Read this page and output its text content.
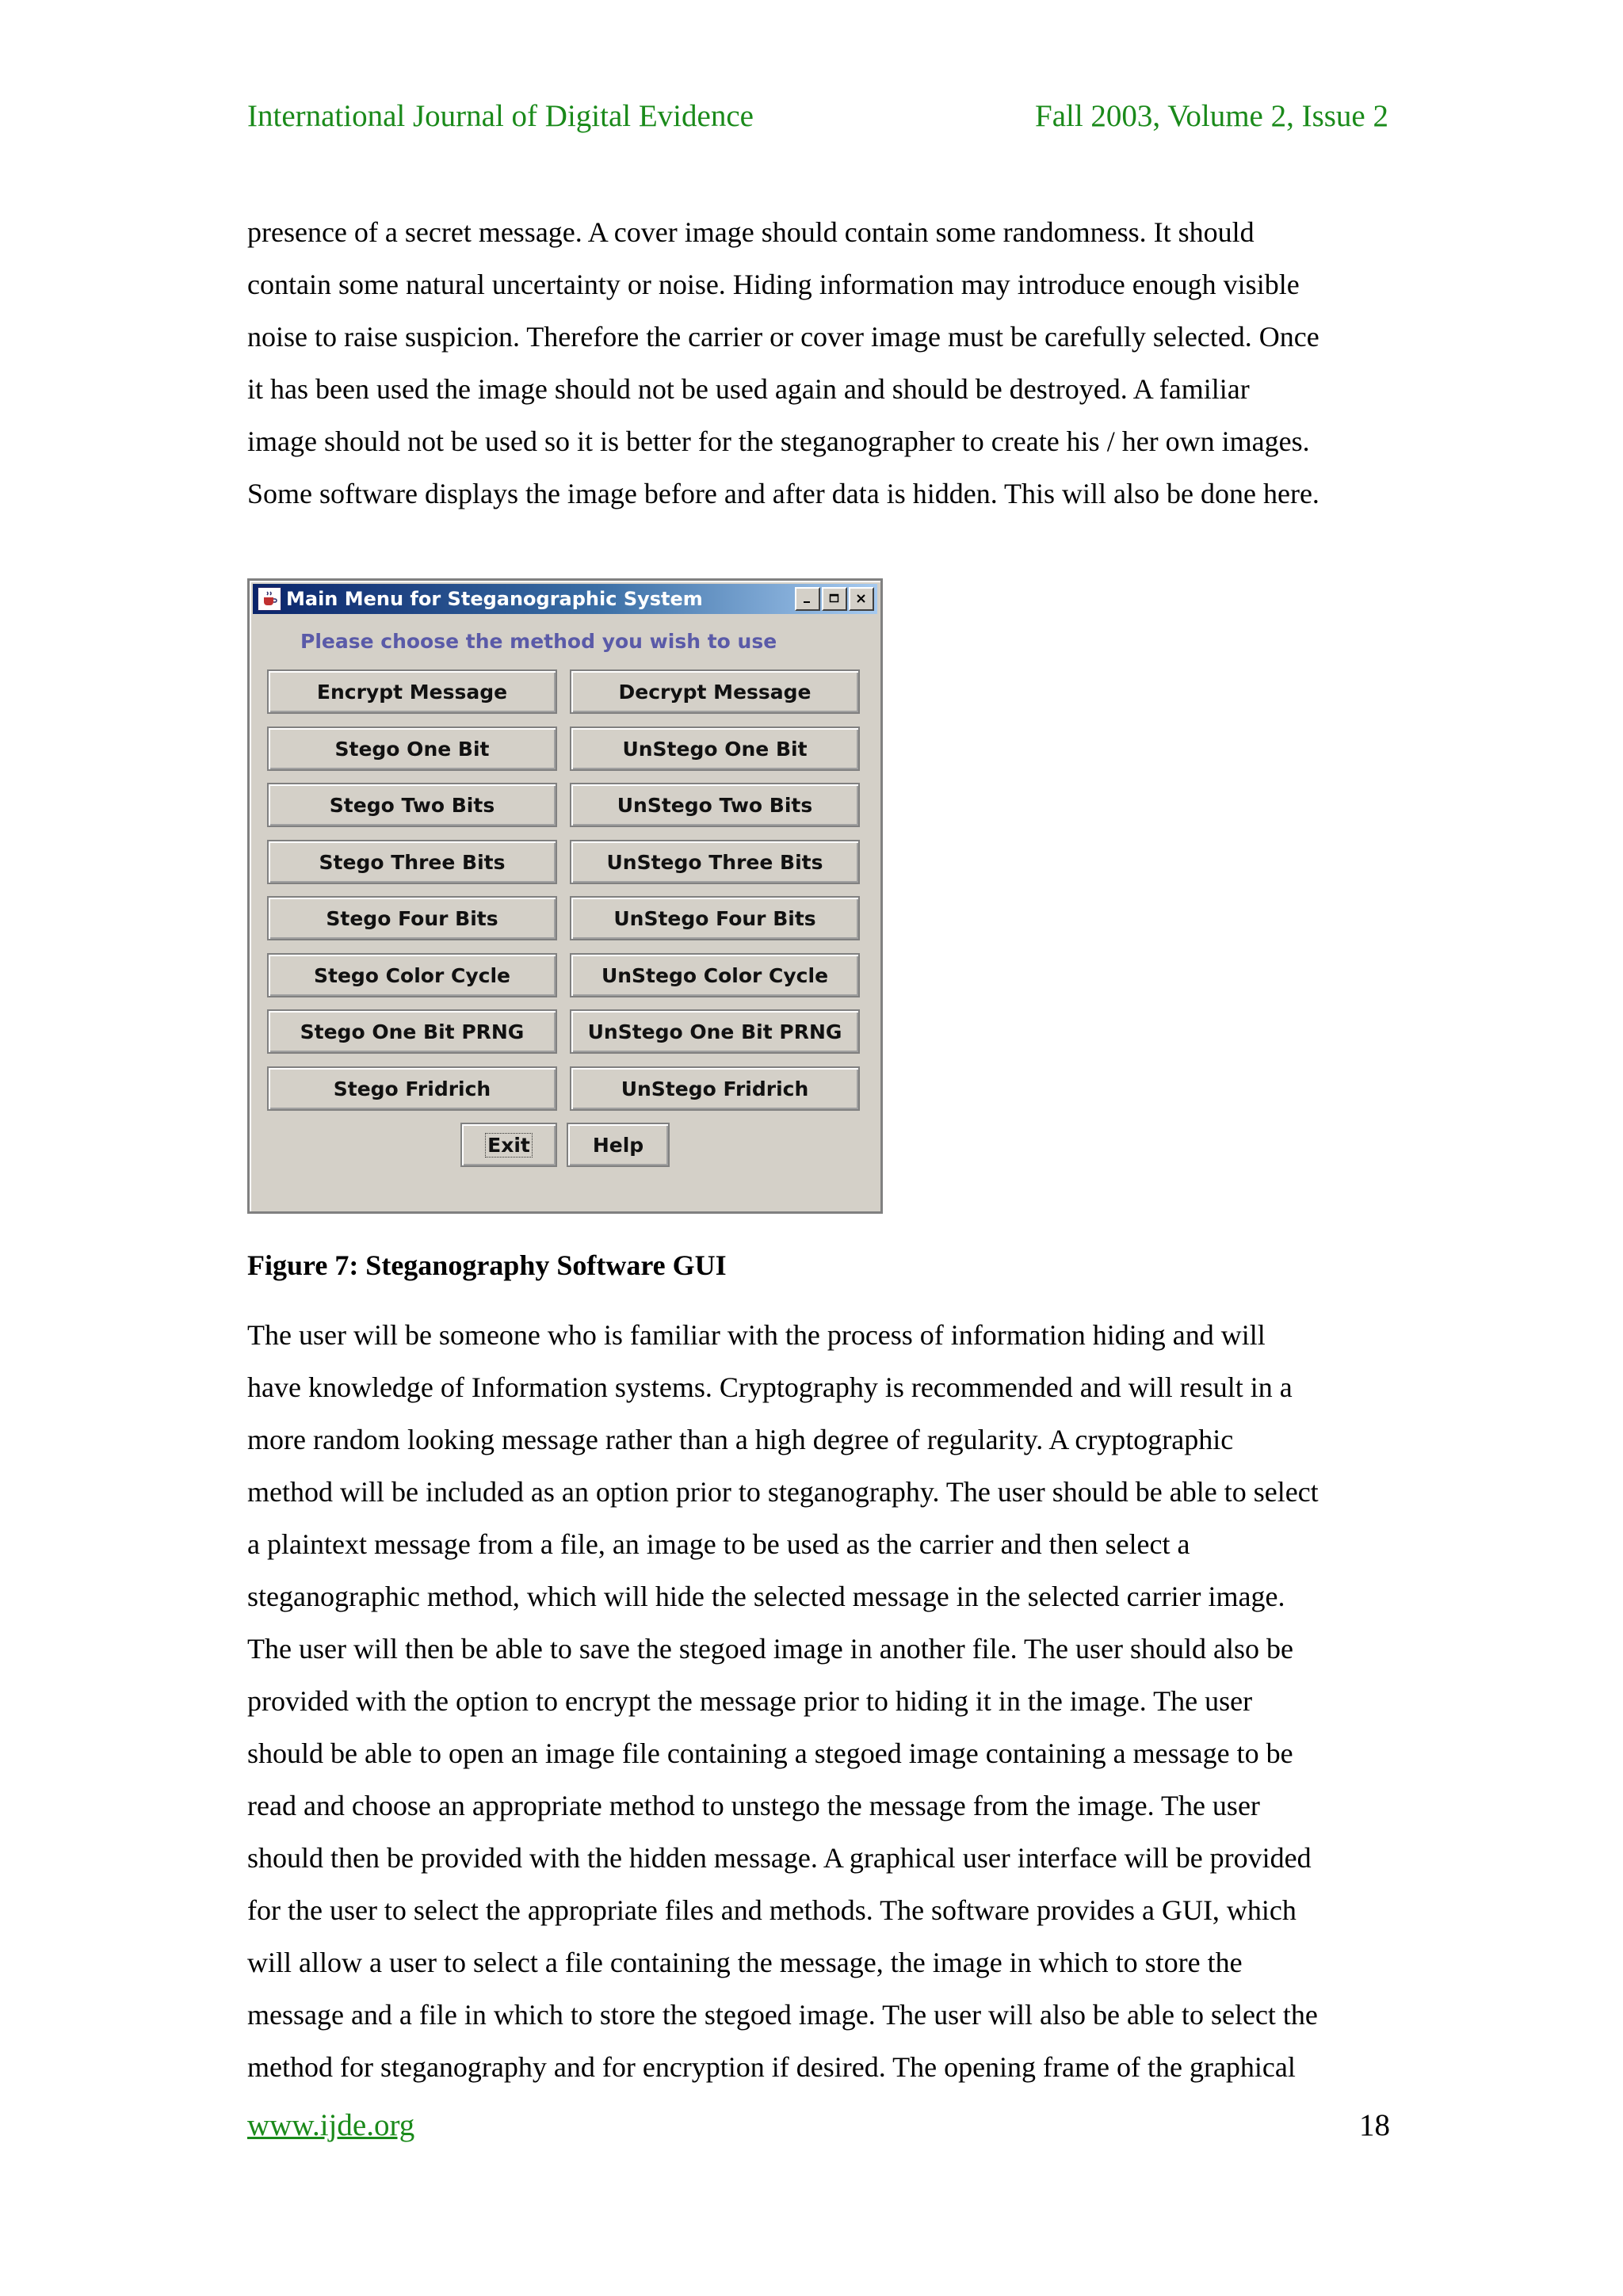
International Journal of Digital Evidence	Fall 2003, Volume 2, Issue 2
presence of a secret message. A cover image should contain some randomness. It should
contain some natural uncertainty or noise. Hiding information may introduce enough visible
noise to raise suspicion. Therefore the carrier or cover image must be carefully selected. Once
it has been used the image should not be used again and should be destroyed. A familiar
image should not be used so it is better for the steganographer to create his / her own images.
Some software displays the image before and after data is hidden. This will also be done here.
Main Menu for Steganographic System
Please choose the method you wish to use
Encrypt Message	Decrypt Message
Stego One Bit	UnStego One Bit
Stego Two Bits	UnStego Two Bits
Stego Three Bits	UnStego Three Bits
Stego Four Bits	UnStego Four Bits
Stego Color Cycle	UnStego Color Cycle
Stego One Bit PRNG	UnStego One Bit PRNG
Stego Fridrich	UnStego Fridrich
Exit	Help
Figure 7: Steganography Software GUI
The user will be someone who is familiar with the process of information hiding and will
have knowledge of Information systems. Cryptography is recommended and will result in a
more random looking message rather than a high degree of regularity. A cryptographic
method will be included as an option prior to steganography. The user should be able to select
a plaintext message from a file, an image to be used as the carrier and then select a
steganographic method, which will hide the selected message in the selected carrier image.
The user will then be able to save the stegoed image in another file. The user should also be
provided with the option to encrypt the message prior to hiding it in the image. The user
should be able to open an image file containing a stegoed image containing a message to be
read and choose an appropriate method to unstego the message from the image. The user
should then be provided with the hidden message. A graphical user interface will be provided
for the user to select the appropriate files and methods. The software provides a GUI, which
will allow a user to select a file containing the message, the image in which to store the
message and a file in which to store the stegoed image. The user will also be able to select the
method for steganography and for encryption if desired. The opening frame of the graphical
www.ijde.org	18
